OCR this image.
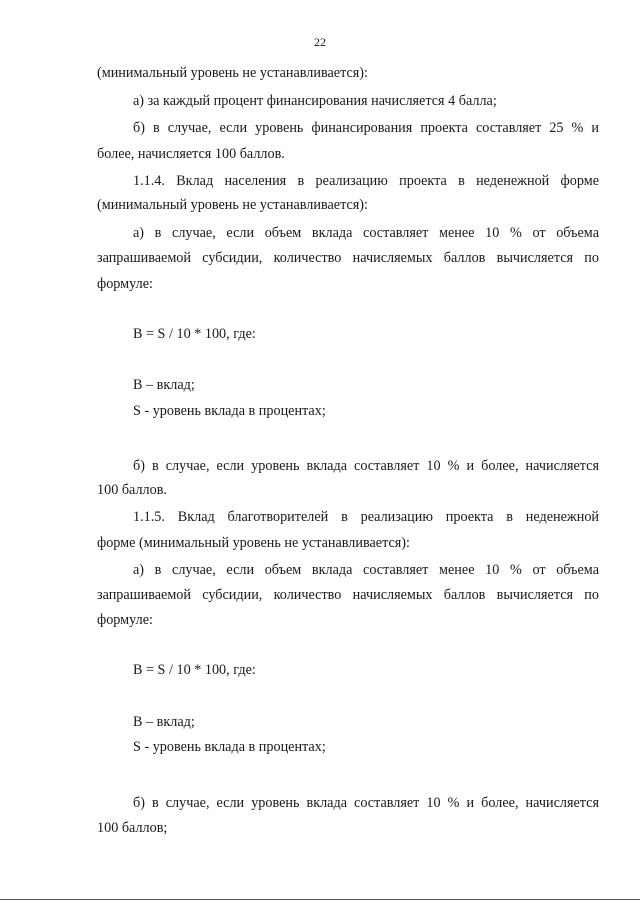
22
(минимальный уровень не устанавливается):
а) за каждый процент финансирования начисляется 4 балла;
б) в случае, если уровень финансирования проекта составляет 25 % и
более, начисляется 100 баллов.
1.1.4. Вклад населения в реализацию проекта в неденежной форме
(минимальный уровень не устанавливается):
а) в случае, если объем вклада составляет менее 10 % от объема
запрашиваемой субсидии, количество начисляемых баллов вычисляется по
формуле:
B = S / 10 * 100, где:
B – вклад;
S - уровень вклада в процентах;
б) в случае, если уровень вклада составляет 10 % и более, начисляется
100 баллов.
1.1.5. Вклад благотворителей в реализацию проекта в неденежной
форме (минимальный уровень не устанавливается):
а) в случае, если объем вклада составляет менее 10 % от объема
запрашиваемой субсидии, количество начисляемых баллов вычисляется по
формуле:
B = S / 10 * 100, где:
B – вклад;
S - уровень вклада в процентах;
б) в случае, если уровень вклада составляет 10 % и более, начисляется
100 баллов;
